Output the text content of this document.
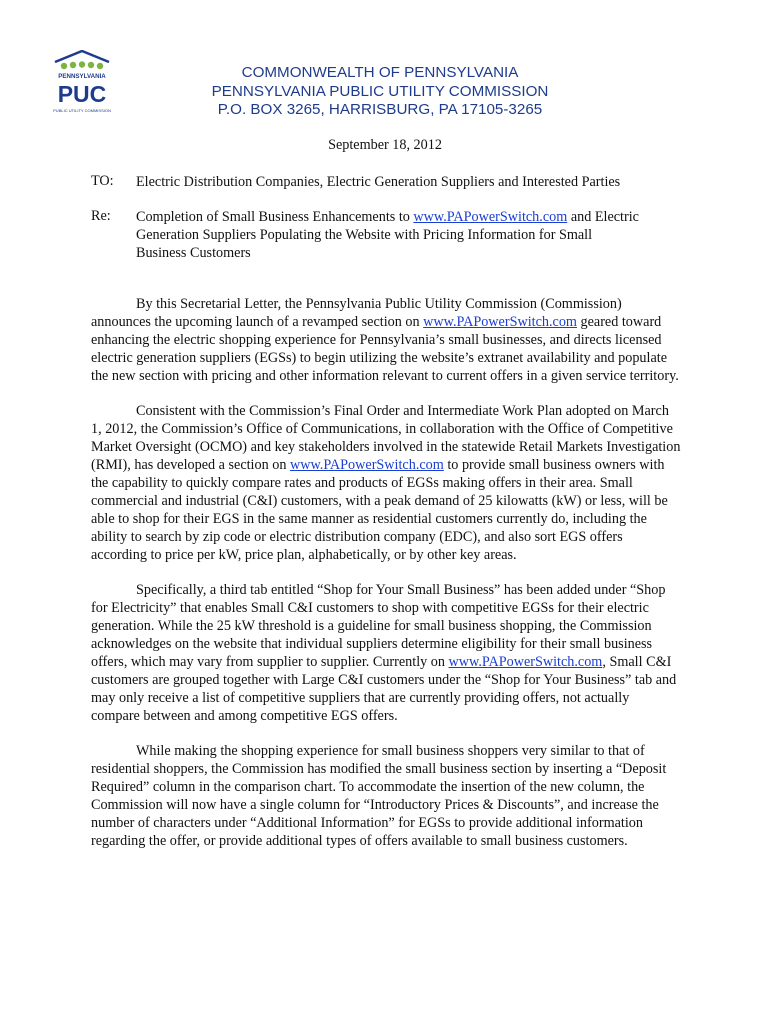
PENNSYLVANIA
PUC
PUBLIC UTILITY COMMISSION
COMMONWEALTH OF PENNSYLVANIA
PENNSYLVANIA PUBLIC UTILITY COMMISSION
P.O. BOX 3265, HARRISBURG, PA 17105-3265
September 18, 2012
TO: Electric Distribution Companies, Electric Generation Suppliers and Interested Parties
Re: Completion of Small Business Enhancements to www.PAPowerSwitch.com and Electric Generation Suppliers Populating the Website with Pricing Information for Small Business Customers

By this Secretarial Letter, the Pennsylvania Public Utility Commission (Commission) announces the upcoming launch of a revamped section on www.PAPowerSwitch.com geared toward enhancing the electric shopping experience for Pennsylvania’s small businesses, and directs licensed electric generation suppliers (EGSs) to begin utilizing the website’s extranet availability and populate the new section with pricing and other information relevant to current offers in a given service territory.

Consistent with the Commission’s Final Order and Intermediate Work Plan adopted on March 1, 2012, the Commission’s Office of Communications, in collaboration with the Office of Competitive Market Oversight (OCMO) and key stakeholders involved in the statewide Retail Markets Investigation (RMI), has developed a section on www.PAPowerSwitch.com to provide small business owners with the capability to quickly compare rates and products of EGSs making offers in their area. Small commercial and industrial (C&I) customers, with a peak demand of 25 kilowatts (kW) or less, will be able to shop for their EGS in the same manner as residential customers currently do, including the ability to search by zip code or electric distribution company (EDC), and also sort EGS offers according to price per kW, price plan, alphabetically, or by other key areas.

Specifically, a third tab entitled “Shop for Your Small Business” has been added under “Shop for Electricity” that enables Small C&I customers to shop with competitive EGSs for their electric generation. While the 25 kW threshold is a guideline for small business shopping, the Commission acknowledges on the website that individual suppliers determine eligibility for their small business offers, which may vary from supplier to supplier. Currently on www.PAPowerSwitch.com, Small C&I customers are grouped together with Large C&I customers under the “Shop for Your Business” tab and may only receive a list of competitive suppliers that are currently providing offers, not actually compare between and among competitive EGS offers.

While making the shopping experience for small business shoppers very similar to that of residential shoppers, the Commission has modified the small business section by inserting a “Deposit Required” column in the comparison chart. To accommodate the insertion of the new column, the Commission will now have a single column for “Introductory Prices & Discounts”, and increase the number of characters under “Additional Information” for EGSs to provide additional information regarding the offer, or provide additional types of offers available to small business customers.
